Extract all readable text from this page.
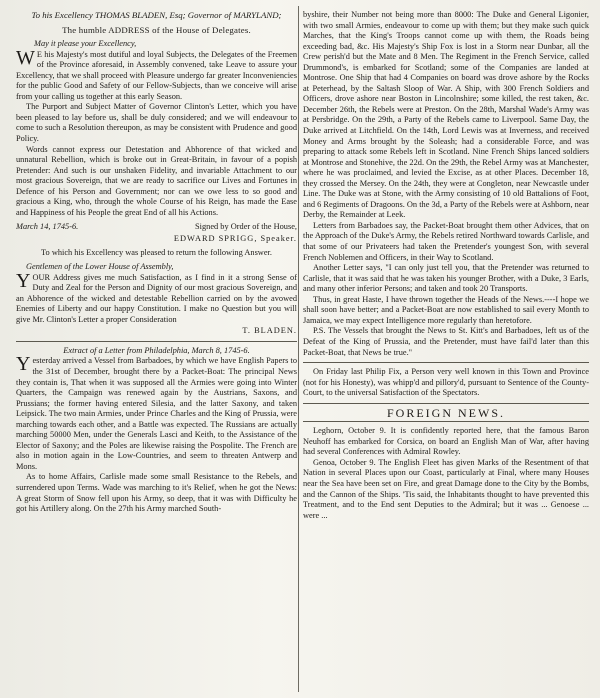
To his Excellency THOMAS BLADEN, Esq; Governor of MARYLAND;

The humble ADDRESS of the House of Delegates.

May it please your Excellency,

WE his Majesty's most dutiful and loyal Subjects, the Delegates of the Freemen of the Province aforesaid, in Assembly convened, take Leave to assure your Excellency, that we shall proceed with Pleasure undergo far greater Inconveniencies for the public Good and Safety of our Fellow-Subjects, than we conceive will arise from your calling us together at this early Season.

The Purport and Subject Matter of Governor Clinton's Letter, which you have been pleased to lay before us, shall be duly considered; and we will endeavour to come to such a Resolution thereupon, as may be consistent with Prudence and good Policy.

Words cannot express our Detestation and Abhorence of that wicked and unnatural Rebellion, which is broke out in Great-Britain, in favour of a popish Pretender: And such is our unshaken Fidelity, and invariable Attachment to our most gracious Sovereign, that we are ready to sacrifice our Lives and Fortunes in Defence of his Person and Government; nor can we owe less to so good and gracious a King, who, through the whole Course of his Reign, has made the Ease and Happiness of his People the great End of all his Actions.

March 14, 1745-6.	Signed by Order of the House,

EDWARD SPRIGG, Speaker.

To which his Excellency was pleased to return the following Answer.

Gentlemen of the Lower House of Assembly,

YOUR Address gives me much Satisfaction, as I find in it a strong Sense of Duty and Zeal for the Person and Dignity of our most gracious Sovereign, and an Abhorence of the wicked and detestable Rebellion carried on by the avowed Enemies of Liberty and our happy Constitution. I make no Question but you will give Mr. Clinton's Letter a proper Consideration

T. BLADEN.

Extract of a Letter from Philadelphia, March 8, 1745-6.

Yesterday arrived a Vessel from Barbadoes, by which we have English Papers to the 31st of December, brought there by a Packet-Boat: The principal News they contain is, That when it was supposed all the Armies were going into Winter Quarters, the Campaign was renewed again by the Austrians, Saxons, and Prussians; the former having entered Silesia, and the latter Saxony, and taken Leipsick. The two main Armies, under Prince Charles and the King of Prussia, were marching towards each other, and a Battle was expected. The Russians are actually marching 50000 Men, under the Generals Lasci and Keith, to the Assistance of the Elector of Saxony; and the Poles are likewise raising the Pospolite. The French are also in motion again in the Low-Countries, and seem to threaten Antwerp and Mons.

As to home Affairs, Carlisle made some small Resistance to the Rebels, and surrendered upon Terms. Wade was marching to it's Relief, when he got the News: A great Storm of Snow fell upon his Army, so deep, that it was with Difficulty he got his Artillery along. On the 27th his Army marched South-

byshire, their Number not being more than 8000: The Duke and General Ligonier, with two small Armies, endeavour to come up with them; but they make such quick Marches, that the King's Troops cannot come up with them, the Roads being exceeding bad, &c. His Majesty's Ship Fox is lost in a Storm near Dunbar, all the Crew perish'd but the Mate and 8 Men. The Regiment in the French Service, called Drummond's, is embarked for Scotland; some of the Companies are landed at Montrose. One Ship that had 4 Companies on board was drove ashore by the Rocks at Peterhead, by the Saltash Sloop of War. A Ship, with 300 French Soldiers and Officers, drove ashore near Boston in Lincolnshire; some killed, the rest taken, &c. December 26th, the Rebels were at Preston. On the 28th, Marshal Wade's Army was at Persbridge. On the 29th, a Party of the Rebels came to Liverpool. Same Day, the Duke arrived at Litchfield. On the 14th, Lord Lewis was at Inverness, and received Money and Arms brought by the Soleash; had a considerable Force, and was preparing to attack some Rebels left in Scotland. Nine French Ships lanced soldiers at Montrose and Stonehive, the 22d. On the 29th, the Rebel Army was at Manchester, where he was proclaimed, and levied the Excise, as at other Places. December 18, they crossed the Mersey. On the 24th, they were at Congleton, near Newcastle under Line. The Duke was at Stone, with the Army consisting of 10 old Battalions of Foot, and 6 Regiments of Dragoons. On the 3d, a Party of the Rebels were at Ashborn, near Derby, the Remainder at Leek.

Letters from Barbadoes say, the Packet-Boat brought them other Advices, that on the Approach of the Duke's Army, the Rebels retired Northward towards Carlisle, and that some of our Privateers had taken the Pretender's youngest Son, with several French Noblemen and Officers, in their Way to Scotland.

Another Letter says, "I can only just tell you, that the Pretender was returned to Carlisle, that it was said that he was taken his younger Brother, with a Duke, 3 Earls, and many other inferior Persons; and taken and took 20 Transports.

Thus, in great Haste, I have thrown together the Heads of the News.----I hope we shall soon have better; and a Packet-Boat are now established to sail every Month to Jamaica, we may expect Intelligence more regularly than heretofore.

P.S. The Vessels that brought the News to St. Kitt's and Barbadoes, left us of the Defeat of the King of Prussia, and the Pretender, must have fail'd later than this Packet-Boat, that News be true."

On Friday last Philip Fix, a Person very well known in this Town and Province (not for his Honesty), was whipp'd and pillory'd, pursuant to Sentence of the County-Court, to the universal Satisfaction of the Spectators.

FOREIGN NEWS.

Leghorn, October 9. It is confidently reported here, that the famous Baron Neuhoff has embarked for Corsica, on board an English Man of War, after having had several Conferences with Admiral Rowley.

Genoa, October 9. The English Fleet has given Marks of the Resentment of that Nation in several Places upon our Coast, particularly at Final, where many Houses near the Sea have been set on Fire, and great Damage done to the City by the Bombs, and the Cannon of the Ships. 'Tis said, the Inhabitants thought to have prevented this Treatment, and to the End sent Deputies to the Admiral; but it was ... Genoese ... were ...
